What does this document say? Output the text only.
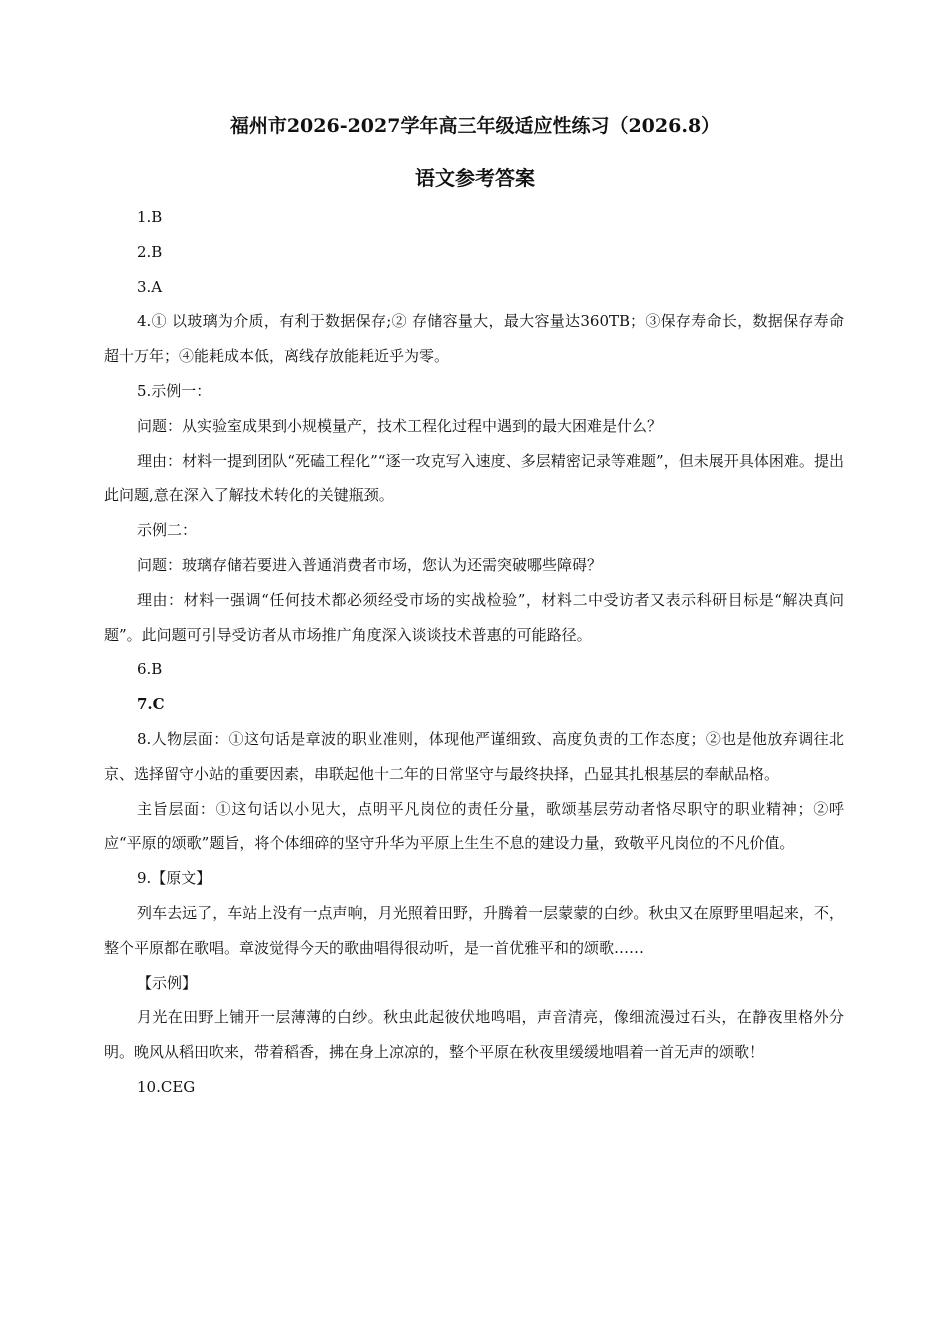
福州市2026-2027学年高三年级适应性练习（2026.8）
语文参考答案

1.B

2.B

3.A

4.① 以玻璃为介质，有利于数据保存;② 存储容量大，最大容量达360TB；③保存寿命长，数据保存寿命超十万年；④能耗成本低，离线存放能耗近乎为零。

5.示例一：

问题：从实验室成果到小规模量产，技术工程化过程中遇到的最大困难是什么？

理由：材料一提到团队“死磕工程化”“逐一攻克写入速度、多层精密记录等难题”，但未展开具体困难。提出此问题,意在深入了解技术转化的关键瓶颈。

示例二：

问题：玻璃存储若要进入普通消费者市场，您认为还需突破哪些障碍？

理由：材料一强调“任何技术都必须经受市场的实战检验”，材料二中受访者又表示科研目标是“解决真问题”。此问题可引导受访者从市场推广角度深入谈谈技术普惠的可能路径。

6.B

7.C

8.人物层面：①这句话是章波的职业准则，体现他严谨细致、高度负责的工作态度；②也是他放弃调往北京、选择留守小站的重要因素，串联起他十二年的日常坚守与最终抉择，凸显其扎根基层的奉献品格。

主旨层面：①这句话以小见大，点明平凡岗位的责任分量，歌颂基层劳动者恪尽职守的职业精神；②呼应“平原的颂歌”题旨，将个体细碎的坚守升华为平原上生生不息的建设力量，致敬平凡岗位的不凡价值。

9.【原文】

列车去远了，车站上没有一点声响，月光照着田野，升腾着一层蒙蒙的白纱。秋虫又在原野里唱起来，不，整个平原都在歌唱。章波觉得今天的歌曲唱得很动听，是一首优雅平和的颂歌……

【示例】

月光在田野上铺开一层薄薄的白纱。秋虫此起彼伏地鸣唱，声音清亮，像细流漫过石头，在静夜里格外分明。晚风从稻田吹来，带着稻香，拂在身上凉凉的，整个平原在秋夜里缓缓地唱着一首无声的颂歌！

10.CEG
